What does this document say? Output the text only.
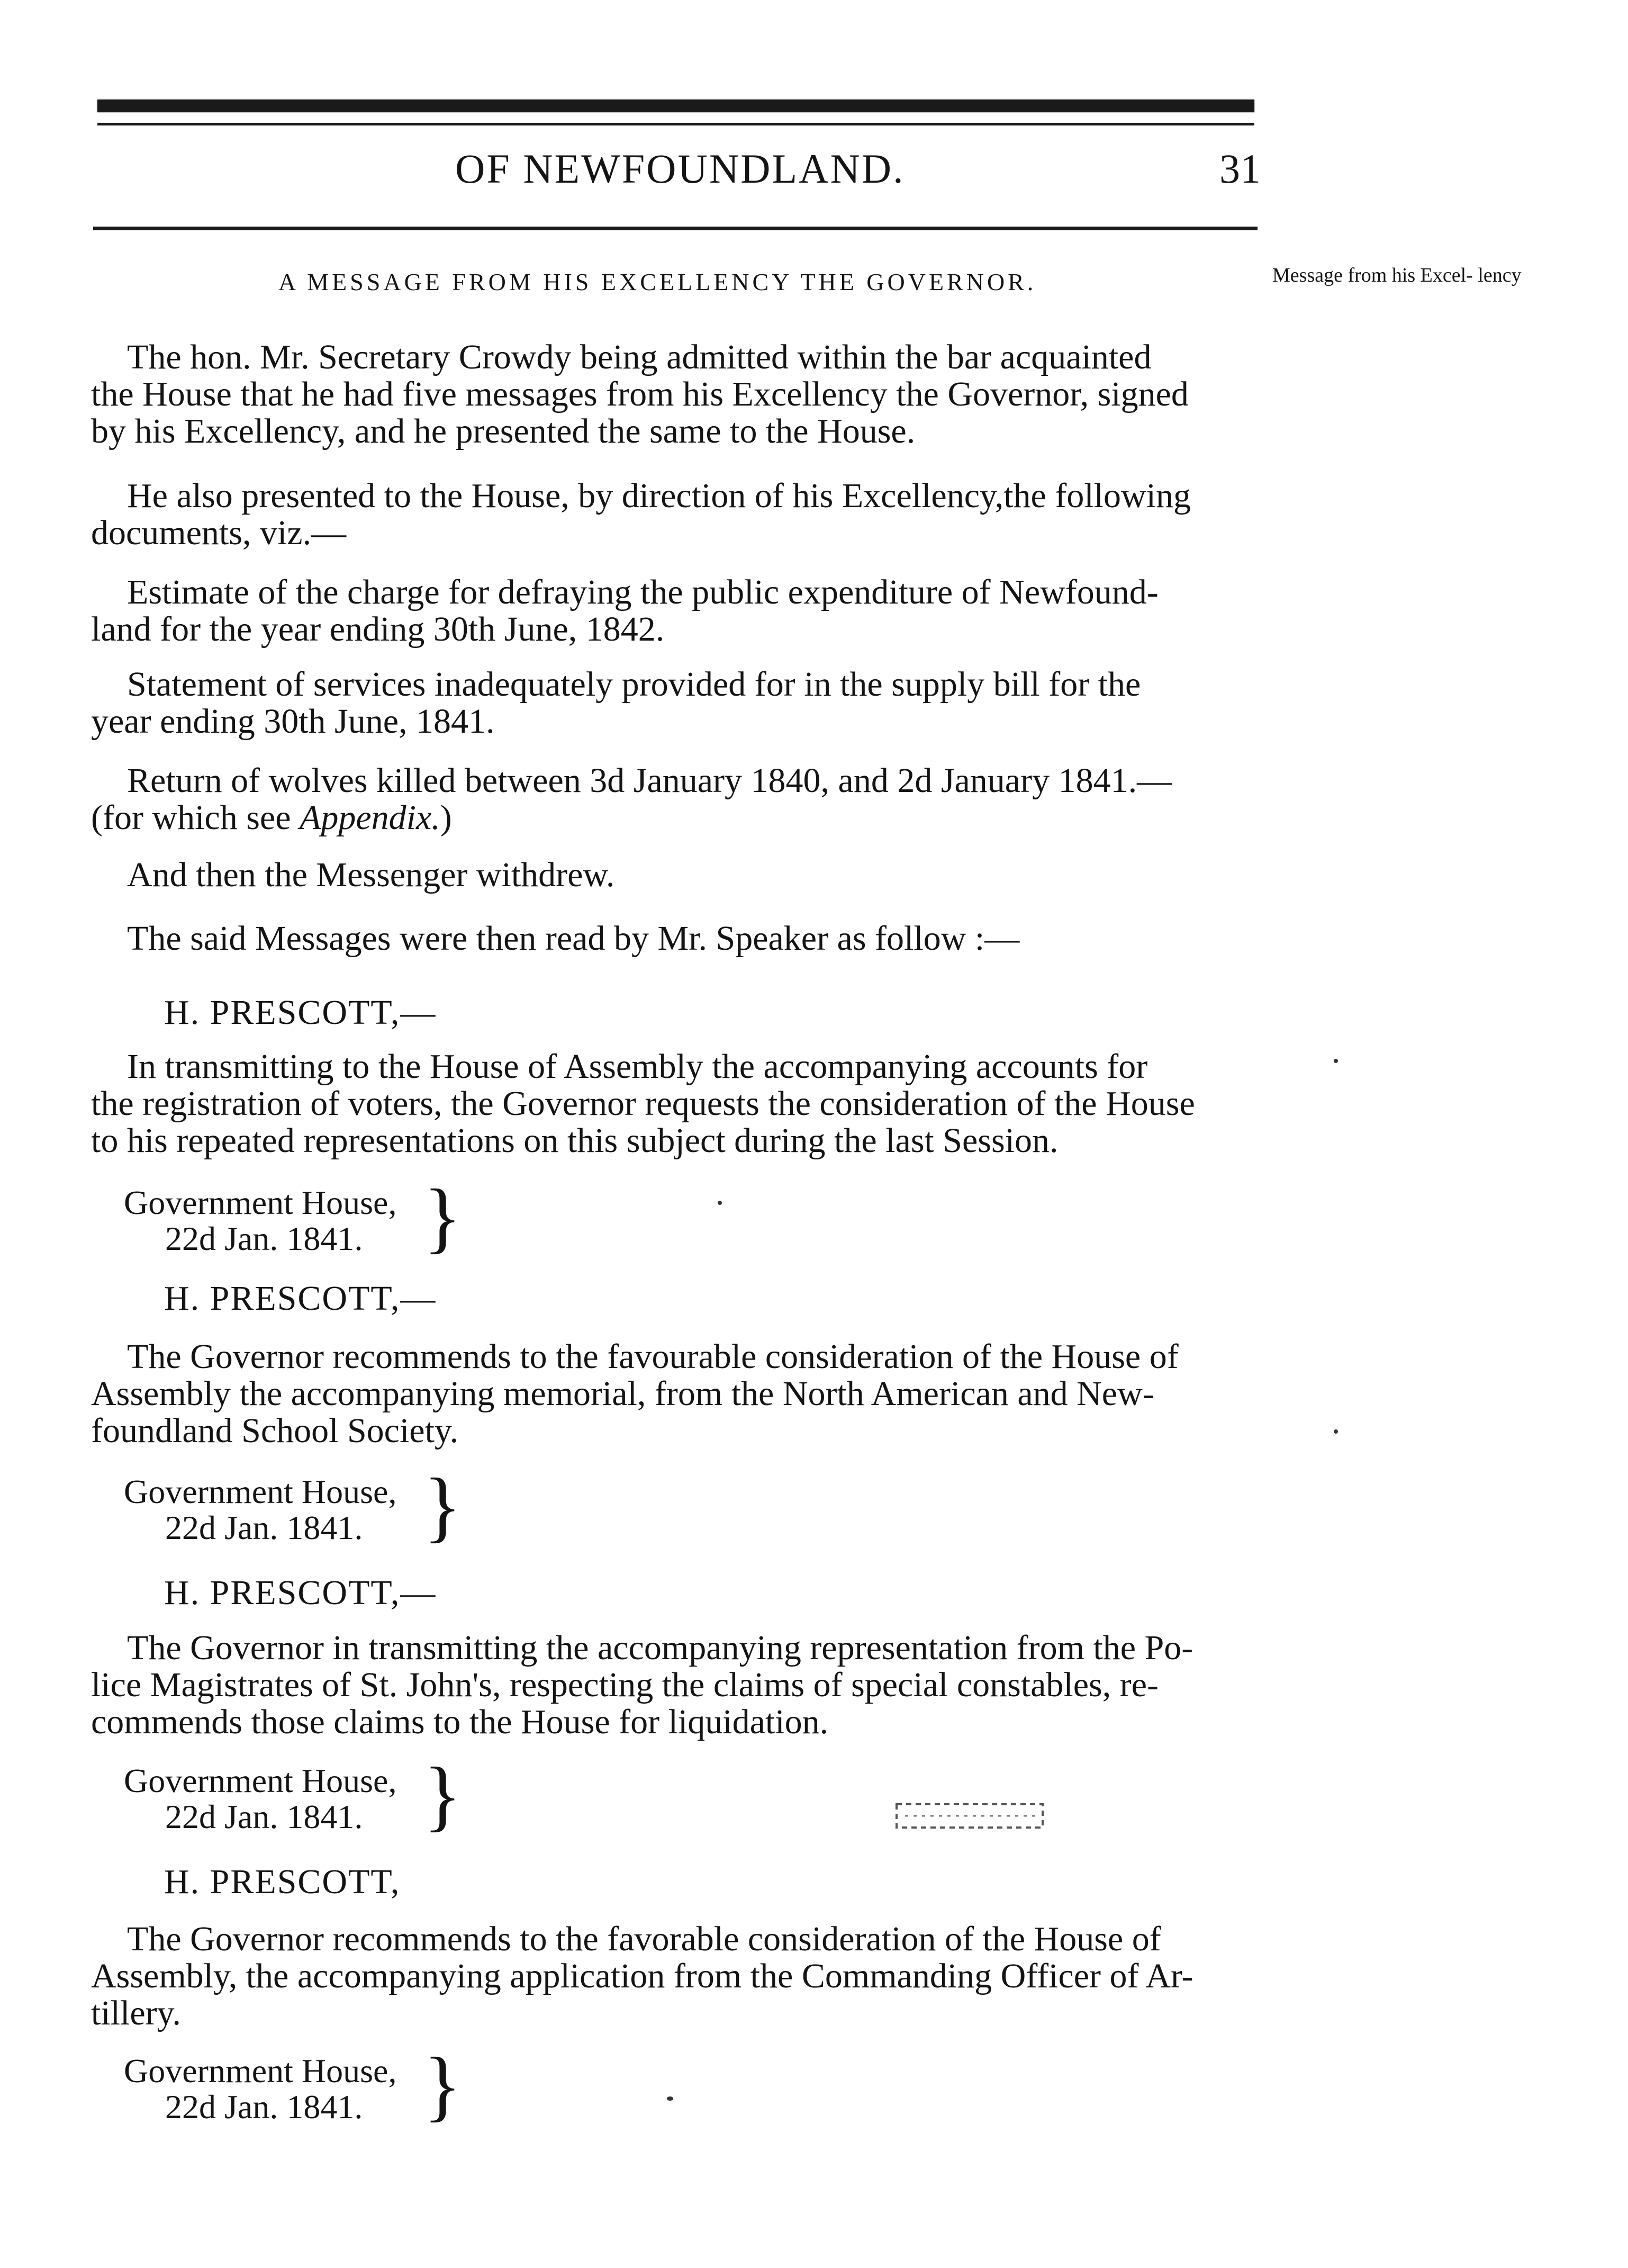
OF NEWFOUNDLAND.	31
A MESSAGE FROM HIS EXCELLENCY THE GOVERNOR.	Message from his Excel- lency
The hon. Mr. Secretary Crowdy being admitted within the bar acquainted
the House that he had five messages from his Excellency the Governor, signed
by his Excellency, and he presented the same to the House.
He also presented to the House, by direction of his Excellency,the following
documents, viz.—
Estimate of the charge for defraying the public expenditure of Newfound-
land for the year ending 30th June, 1842.
Statement of services inadequately provided for in the supply bill for the
year ending 30th June, 1841.
Return of wolves killed between 3d January 1840, and 2d January 1841.—
(for which see Appendix.)
And then the Messenger withdrew.
The said Messages were then read by Mr. Speaker as follow :—
H. PRESCOTT,—
In transmitting to the House of Assembly the accompanying accounts for
the registration of voters, the Governor requests the consideration of the House
to his repeated representations on this subject during the last Session.
Government House,
22d Jan. 1841. }
H. PRESCOTT,—
The Governor recommends to the favourable consideration of the House of
Assembly the accompanying memorial, from the North American and New-
foundland School Society.
Government House,
22d Jan. 1841. }
H. PRESCOTT,—
The Governor in transmitting the accompanying representation from the Po-
lice Magistrates of St. John's, respecting the claims of special constables, re-
commends those claims to the House for liquidation.
Government House,
22d Jan. 1841. }
H. PRESCOTT,
The Governor recommends to the favorable consideration of the House of
Assembly, the accompanying application from the Commanding Officer of Ar-
tillery.
Government House,
22d Jan. 1841. }
